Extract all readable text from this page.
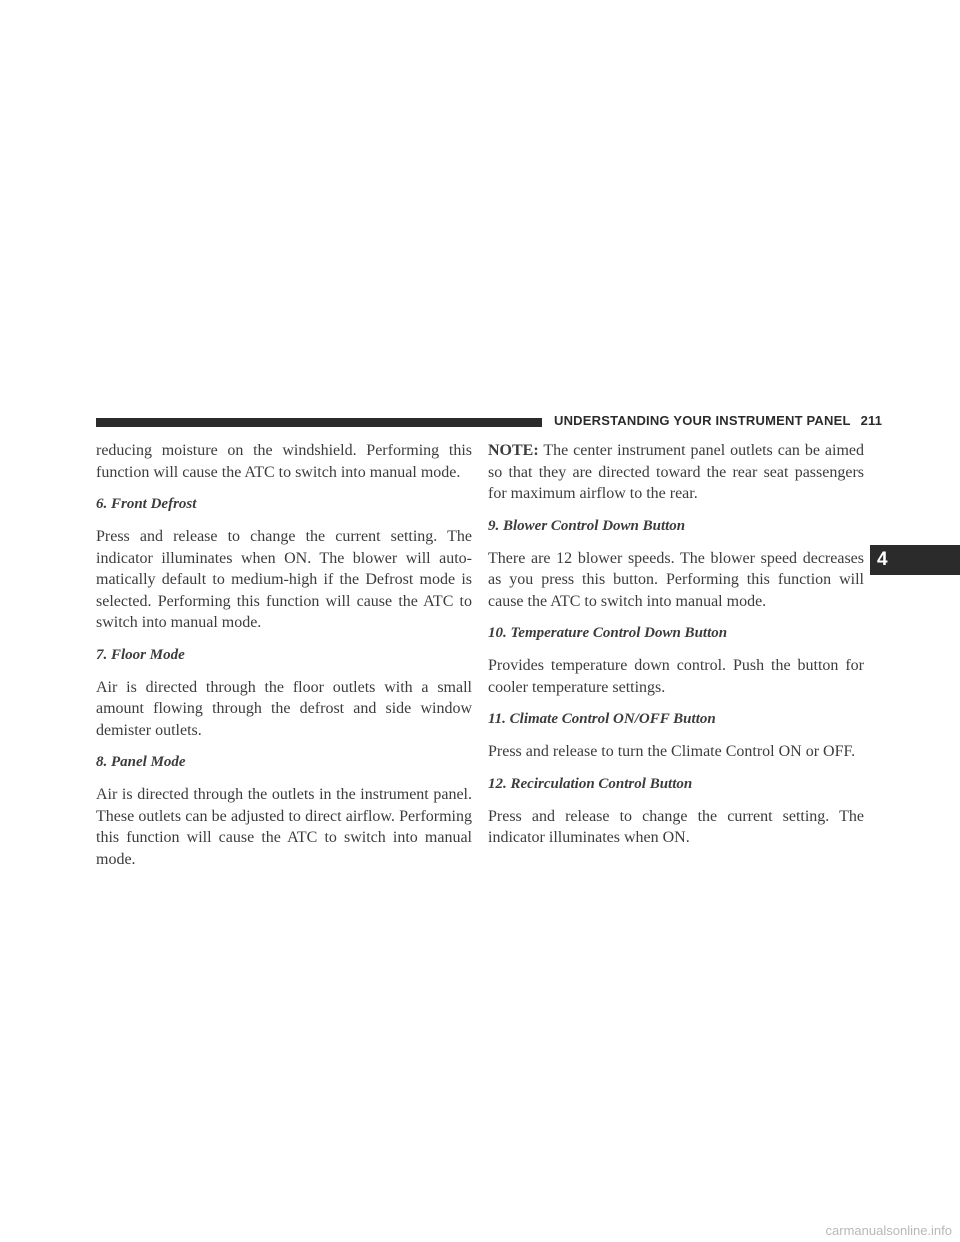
UNDERSTANDING YOUR INSTRUMENT PANEL 211
4

reducing moisture on the windshield. Performing this function will cause the ATC to switch into manual mode.

6. Front Defrost

Press and release to change the current setting. The indicator illuminates when ON. The blower will auto- matically default to medium-high if the Defrost mode is selected. Performing this function will cause the ATC to switch into manual mode.

7. Floor Mode

Air is directed through the floor outlets with a small amount flowing through the defrost and side window demister outlets.

8. Panel Mode

Air is directed through the outlets in the instrument panel. These outlets can be adjusted to direct airflow. Performing this function will cause the ATC to switch into manual mode.

NOTE: The center instrument panel outlets can be aimed so that they are directed toward the rear seat passengers for maximum airflow to the rear.

9. Blower Control Down Button

There are 12 blower speeds. The blower speed decreases as you press this button. Performing this function will cause the ATC to switch into manual mode.

10. Temperature Control Down Button

Provides temperature down control. Push the button for cooler temperature settings.

11. Climate Control ON/OFF Button

Press and release to turn the Climate Control ON or OFF.

12. Recirculation Control Button

Press and release to change the current setting. The indicator illuminates when ON.

carmanualsonline.info
